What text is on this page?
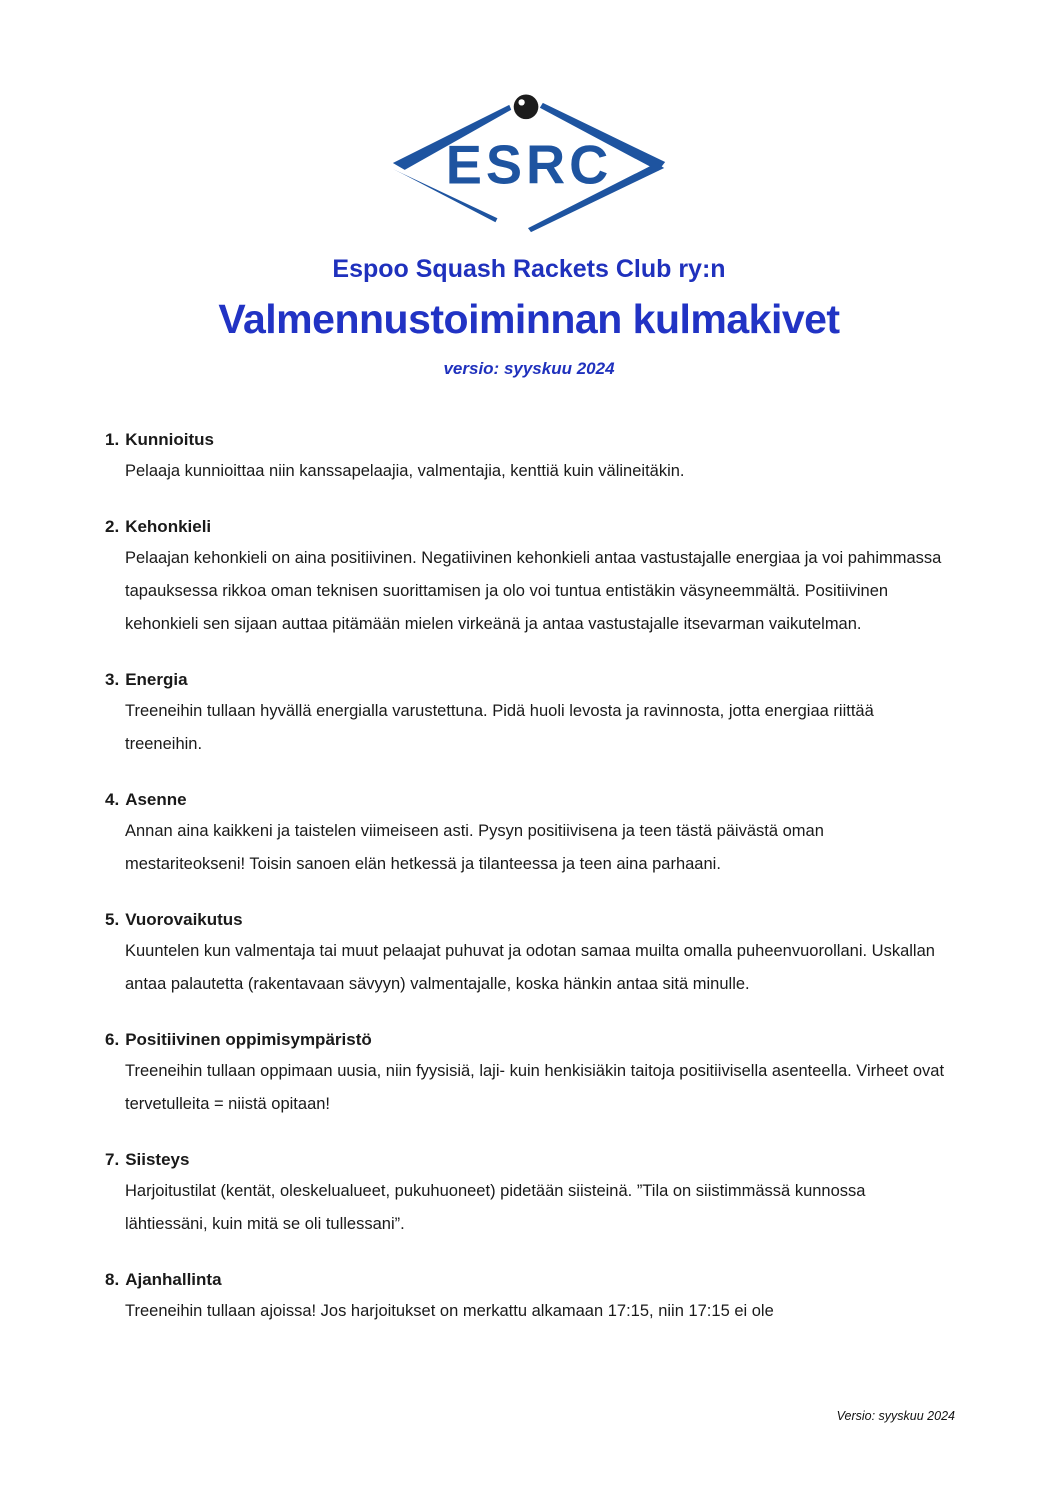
ESRC
Espoo Squash Rackets Club ry:n
Valmennustoiminnan kulmakivet
versio: syyskuu 2024
1. Kunnioitus
Pelaaja kunnioittaa niin kanssapelaajia, valmentajia, kenttiä kuin välineitäkin.
2. Kehonkieli
Pelaajan kehonkieli on aina positiivinen. Negatiivinen kehonkieli antaa vastustajalle energiaa ja voi pahimmassa tapauksessa rikkoa oman teknisen suorittamisen ja olo voi tuntua entistäkin väsyneemmältä. Positiivinen kehonkieli sen sijaan auttaa pitämään mielen virkeänä ja antaa vastustajalle itsevarman vaikutelman.
3. Energia
Treeneihin tullaan hyvällä energialla varustettuna. Pidä huoli levosta ja ravinnosta, jotta energiaa riittää treeneihin.
4. Asenne
Annan aina kaikkeni ja taistelen viimeiseen asti. Pysyn positiivisena ja teen tästä päivästä oman mestariteokseni! Toisin sanoen elän hetkessä ja tilanteessa ja teen aina parhaani.
5. Vuorovaikutus
Kuuntelen kun valmentaja tai muut pelaajat puhuvat ja odotan samaa muilta omalla puheenvuorollani. Uskallan antaa palautetta (rakentavaan sävyyn) valmentajalle, koska hänkin antaa sitä minulle.
6. Positiivinen oppimisympäristö
Treeneihin tullaan oppimaan uusia, niin fyysisiä, laji- kuin henkisiäkin taitoja positiivisella asenteella. Virheet ovat tervetulleita = niistä opitaan!
7. Siisteys
Harjoitustilat (kentät, oleskelualueet, pukuhuoneet) pidetään siisteinä. ”Tila on siistimmässä kunnossa lähtiessäni, kuin mitä se oli tullessani”.
8. Ajanhallinta
Treeneihin tullaan ajoissa! Jos harjoitukset on merkattu alkamaan 17:15, niin 17:15 ei ole
Versio: syyskuu 2024
